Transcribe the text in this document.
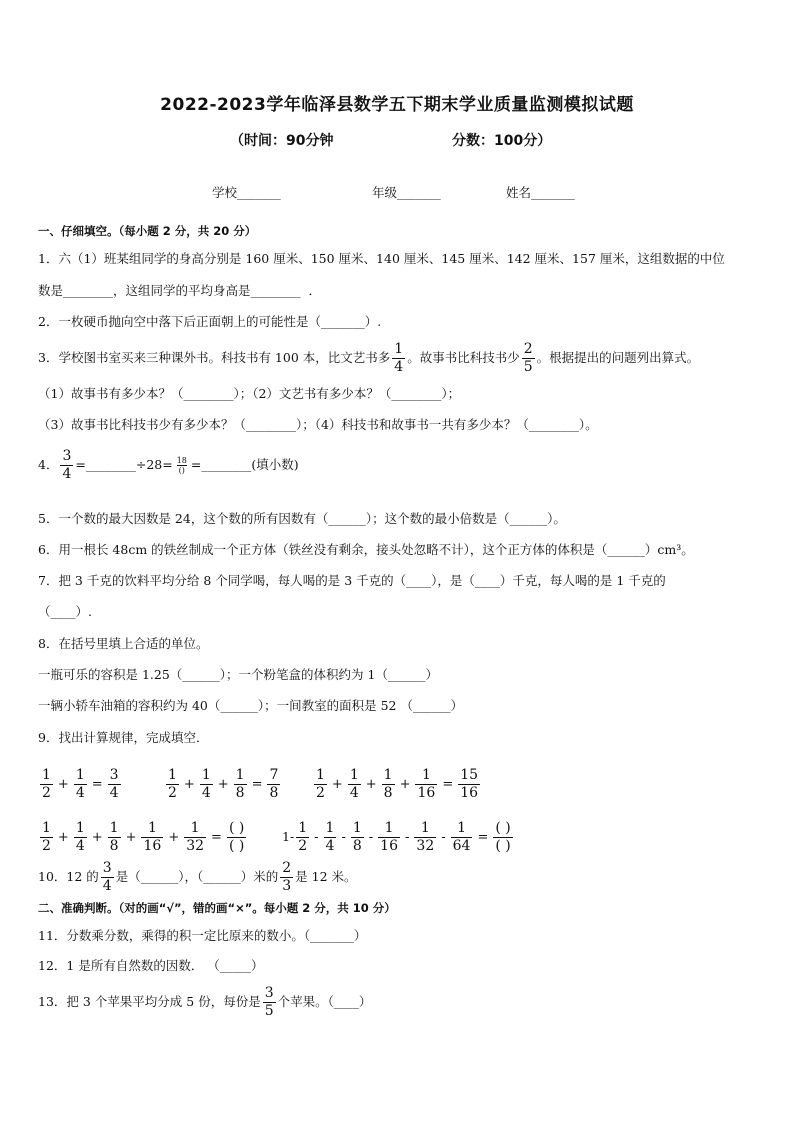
2022-2023学年临泽县数学五下期末学业质量监测模拟试题
（时间：90分钟	分数：100分）
学校_______	年级_______	姓名_______
一、仔细填空。（每小题 2 分，共 20 分）
1．六（1）班某组同学的身高分别是 160 厘米、150 厘米、140 厘米、145 厘米、142 厘米、157 厘米，这组数据的中位
数是________，这组同学的平均身高是________ ．
2．一枚硬币抛向空中落下后正面朝上的可能性是（_______）.
3．学校图书室买来三种课外书。科技书有 100 本，比文艺书多 $\frac{1}{4}$ 。故事书比科技书少 $\frac{2}{5}$ 。根据提出的问题列出算式。
（1）故事书有多少本？（________）；（2）文艺书有多少本？（________）；
（3）故事书比科技书少有多少本？（________）；（4）科技书和故事书一共有多少本？（________）。
4． $\frac{3}{4}$ =________÷28= $\frac{18}{()}$ =________(填小数)
5．一个数的最大因数是 24，这个数的所有因数有（______）；这个数的最小倍数是（______）。
6．用一根长 48cm 的铁丝制成一个正方体（铁丝没有剩余，接头处忽略不计），这个正方体的体积是（______）cm³。
7．把 3 千克的饮料平均分给 8 个同学喝，每人喝的是 3 千克的（____），是（____）千克，每人喝的是 1 千克的
（____）.
8．在括号里填上合适的单位。
一瓶可乐的容积是 1.25（______）；一个粉笔盒的体积约为 1（______）
一辆小轿车油箱的容积约为 40（______）；一间教室的面积是 52 （______）
9．找出计算规律，完成填空．
$\frac{1}{2} + \frac{1}{4} = \frac{3}{4}$	$\frac{1}{2} + \frac{1}{4} + \frac{1}{8} = \frac{7}{8} \frac{1}{2} + \frac{1}{4} + \frac{1}{8} + \frac{1}{16} = \frac{15}{16}$
$\frac{1}{2} + \frac{1}{4} + \frac{1}{8} + \frac{1}{16} + \frac{1}{32} = \frac{( )}{( )}$	$1- \frac{1}{2} - \frac{1}{4} - \frac{1}{8} - \frac{1}{16} - \frac{1}{32} - \frac{1}{64} = \frac{( )}{( )}$
10．12 的 $\frac{3}{4}$ 是（______），（______）米的 $\frac{2}{3}$ 是 12 米。
二、准确判断。（对的画“√”，错的画“×”。每小题 2 分，共 10 分）
11．分数乘分数，乘得的积一定比原来的数小。（_______）
12．1 是所有自然数的因数． （_____）
13．把 3 个苹果平均分成 5 份，每份是 $\frac{3}{5}$ 个苹果。（____）
